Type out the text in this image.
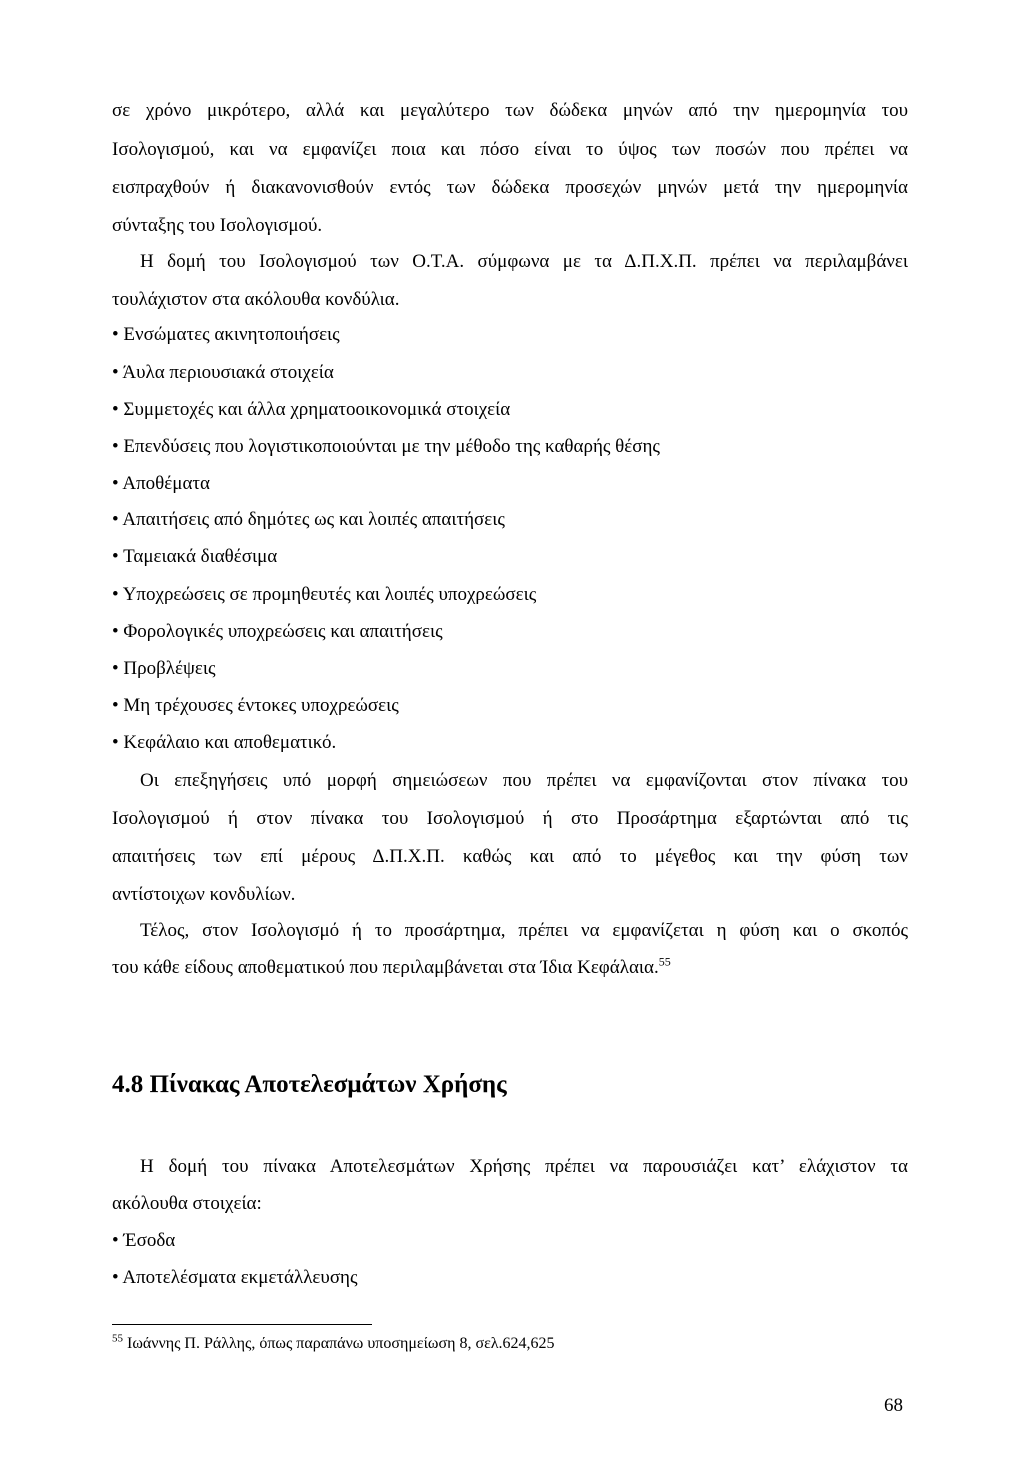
σε χρόνο μικρότερο, αλλά και μεγαλύτερο των δώδεκα μηνών από την ημερομηνία του
Ισολογισμού, και να εμφανίζει ποια και πόσο είναι το ύψος των ποσών που πρέπει να
εισπραχθούν ή διακανονισθούν εντός των δώδεκα προσεχών μηνών μετά την ημερομηνία
σύνταξης του Ισολογισμού.
Η δομή του Ισολογισμού των Ο.Τ.Α. σύμφωνα με τα Δ.Π.Χ.Π. πρέπει να περιλαμβάνει
τουλάχιστον στα ακόλουθα κονδύλια.
• Ενσώματες ακινητοποιήσεις
• Άυλα περιουσιακά στοιχεία
• Συμμετοχές και άλλα χρηματοοικονομικά στοιχεία
• Επενδύσεις που λογιστικοποιούνται με την μέθοδο της καθαρής θέσης
• Αποθέματα
• Απαιτήσεις από δημότες ως και λοιπές απαιτήσεις
• Ταμειακά διαθέσιμα
• Υποχρεώσεις σε προμηθευτές και λοιπές υποχρεώσεις
• Φορολογικές υποχρεώσεις και απαιτήσεις
• Προβλέψεις
• Μη τρέχουσες έντοκες υποχρεώσεις
• Κεφάλαιο και αποθεματικό.
Οι επεξηγήσεις υπό μορφή σημειώσεων που πρέπει να εμφανίζονται στον πίνακα του
Ισολογισμού ή στον πίνακα του Ισολογισμού ή στο Προσάρτημα εξαρτώνται από τις
απαιτήσεις των επί μέρους Δ.Π.Χ.Π. καθώς και από το μέγεθος και την φύση των
αντίστοιχων κονδυλίων.
Τέλος, στον Ισολογισμό ή το προσάρτημα, πρέπει να εμφανίζεται η φύση και ο σκοπός
του κάθε είδους αποθεματικού που περιλαμβάνεται στα Ίδια Κεφάλαια.$^{55}$
4.8 Πίνακας Αποτελεσμάτων Χρήσης
Η δομή του πίνακα Αποτελεσμάτων Χρήσης πρέπει να παρουσιάζει κατ’ ελάχιστον τα
ακόλουθα στοιχεία:
• Έσοδα
• Αποτελέσματα εκμετάλλευσης
$^{55}$ Ιωάννης Π. Ράλλης, όπως παραπάνω υποσημείωση 8, σελ.624,625
68
